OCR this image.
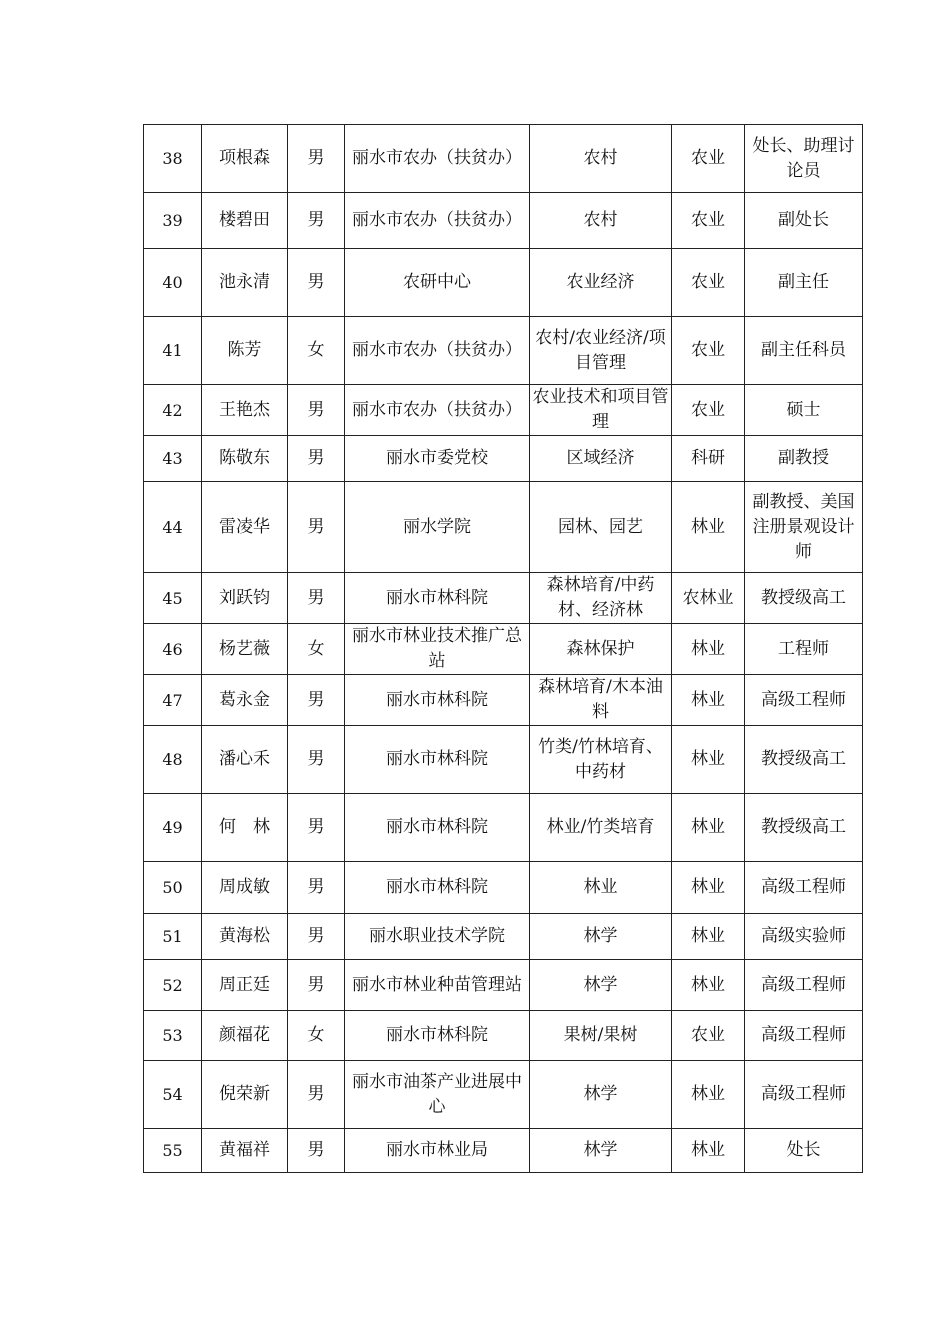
38	项根森	男	丽水市农办（扶贫办）	农村	农业	处长、助理讨论员
39	楼碧田	男	丽水市农办（扶贫办）	农村	农业	副处长
40	池永清	男	农研中心	农业经济	农业	副主任
41	陈芳	女	丽水市农办（扶贫办）	农村/农业经济/项目管理	农业	副主任科员
42	王艳杰	男	丽水市农办（扶贫办）	农业技术和项目管理	农业	硕士
43	陈敬东	男	丽水市委党校	区域经济	科研	副教授
44	雷凌华	男	丽水学院	园林、园艺	林业	副教授、美国注册景观设计师
45	刘跃钧	男	丽水市林科院	森林培育/中药材、经济林	农林业	教授级高工
46	杨艺薇	女	丽水市林业技术推广总站	森林保护	林业	工程师
47	葛永金	男	丽水市林科院	森林培育/木本油料	林业	高级工程师
48	潘心禾	男	丽水市林科院	竹类/竹林培育、中药材	林业	教授级高工
49	何　林	男	丽水市林科院	林业/竹类培育	林业	教授级高工
50	周成敏	男	丽水市林科院	林业	林业	高级工程师
51	黄海松	男	丽水职业技术学院	林学	林业	高级实验师
52	周正廷	男	丽水市林业种苗管理站	林学	林业	高级工程师
53	颜福花	女	丽水市林科院	果树/果树	农业	高级工程师
54	倪荣新	男	丽水市油茶产业进展中心	林学	林业	高级工程师
55	黄福祥	男	丽水市林业局	林学	林业	处长
